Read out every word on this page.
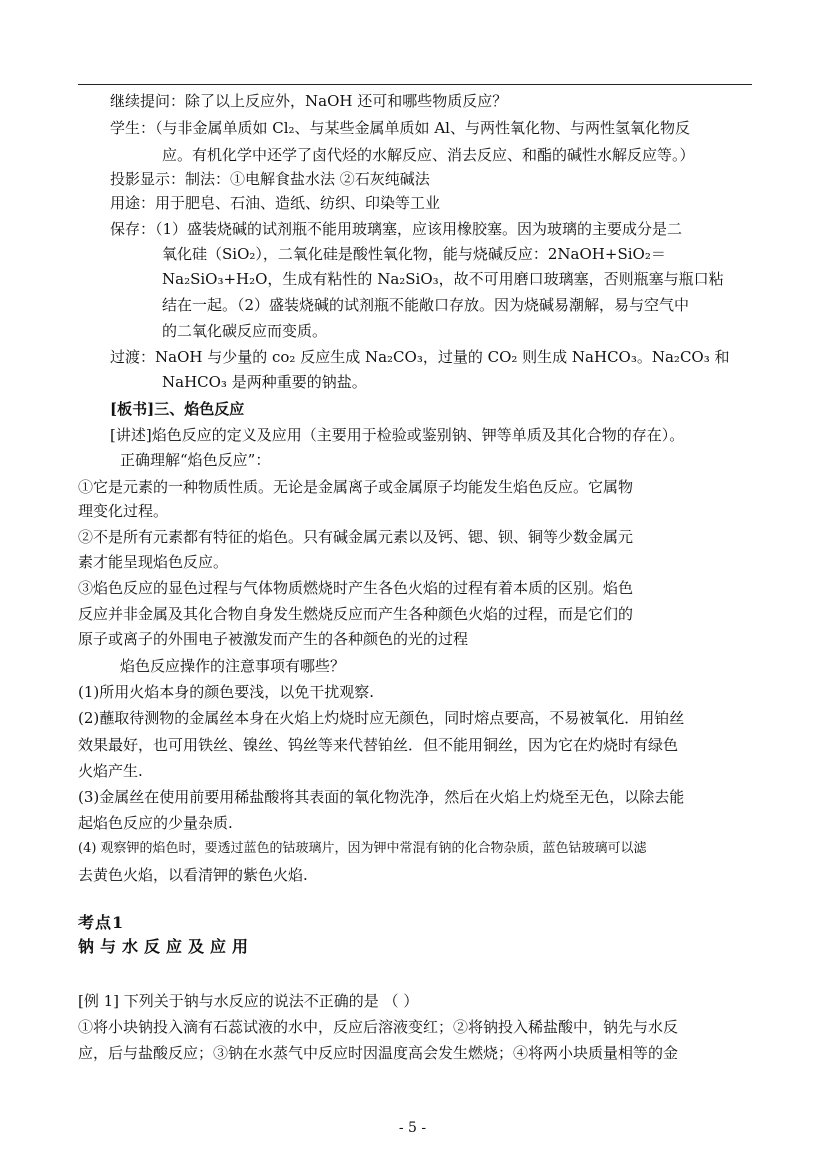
继续提问：除了以上反应外，NaOH 还可和哪些物质反应？
学生：（与非金属单质如 Cl₂、与某些金属单质如 Al、与两性氧化物、与两性氢氧化物反
应。有机化学中还学了卤代烃的水解反应、消去反应、和酯的碱性水解反应等。）
投影显示：制法：①电解食盐水法 ②石灰纯碱法
用途：用于肥皂、石油、造纸、纺织、印染等工业
保存：（1）盛装烧碱的试剂瓶不能用玻璃塞，应该用橡胶塞。因为玻璃的主要成分是二
氧化硅（SiO₂），二氧化硅是酸性氧化物，能与烧碱反应：2NaOH+SiO₂＝
Na₂SiO₃+H₂O，生成有粘性的 Na₂SiO₃，故不可用磨口玻璃塞，否则瓶塞与瓶口粘
结在一起。（2）盛装烧碱的试剂瓶不能敞口存放。因为烧碱易潮解，易与空气中
的二氧化碳反应而变质。
过渡：NaOH 与少量的 co₂ 反应生成 Na₂CO₃，过量的 CO₂ 则生成 NaHCO₃。Na₂CO₃ 和
NaHCO₃ 是两种重要的钠盐。
[板书]三、焰色反应
[讲述]焰色反应的定义及应用（主要用于检验或鉴别钠、钾等单质及其化合物的存在）。
正确理解“焰色反应”：
①它是元素的一种物质性质。无论是金属离子或金属原子均能发生焰色反应。它属物
理变化过程。
②不是所有元素都有特征的焰色。只有碱金属元素以及钙、锶、钡、铜等少数金属元
素才能呈现焰色反应。
③焰色反应的显色过程与气体物质燃烧时产生各色火焰的过程有着本质的区别。焰色
反应并非金属及其化合物自身发生燃烧反应而产生各种颜色火焰的过程，而是它们的
原子或离子的外围电子被激发而产生的各种颜色的光的过程
焰色反应操作的注意事项有哪些？
(1)所用火焰本身的颜色要浅，以免干扰观察.
(2)蘸取待测物的金属丝本身在火焰上灼烧时应无颜色，同时熔点要高，不易被氧化．用铂丝
效果最好，也可用铁丝、镍丝、钨丝等来代替铂丝．但不能用铜丝，因为它在灼烧时有绿色
火焰产生.
(3)金属丝在使用前要用稀盐酸将其表面的氧化物洗净，然后在火焰上灼烧至无色，以除去能
起焰色反应的少量杂质.
(4) 观察钾的焰色时，要透过蓝色的钴玻璃片，因为钾中常混有钠的化合物杂质，蓝色钴玻璃可以滤
去黄色火焰，以看清钾的紫色火焰.
考点1
钠与水反应及应用
[例 1] 下列关于钠与水反应的说法不正确的是 （ ）
①将小块钠投入滴有石蕊试液的水中，反应后溶液变红；②将钠投入稀盐酸中，钠先与水反
应，后与盐酸反应；③钠在水蒸气中反应时因温度高会发生燃烧；④将两小块质量相等的金
- 5 -
